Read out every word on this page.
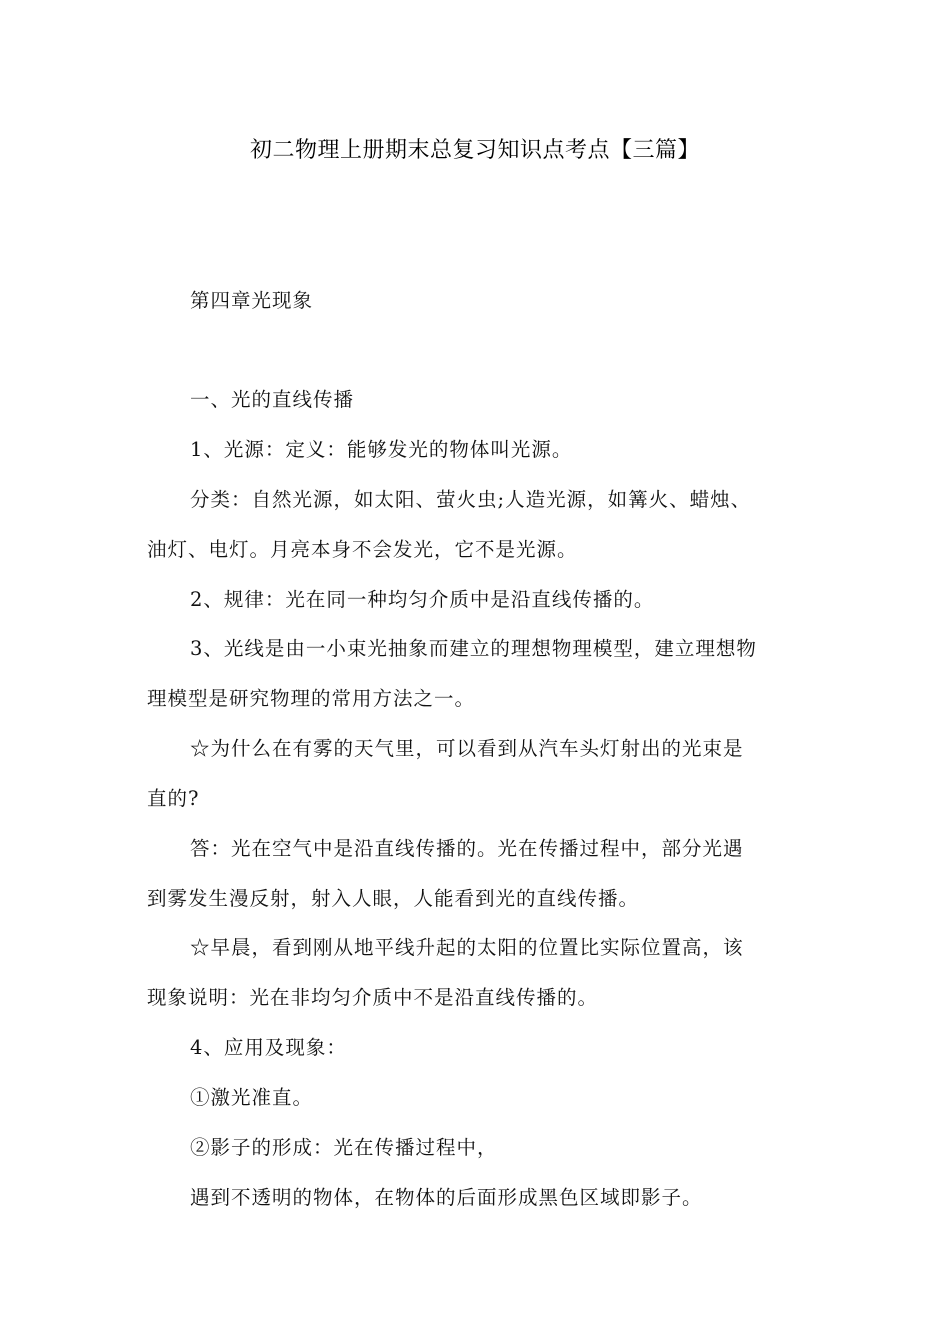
初二物理上册期末总复习知识点考点【三篇】
第四章光现象
一、光的直线传播
1、光源：定义：能够发光的物体叫光源。
分类：自然光源，如太阳、萤火虫;人造光源，如篝火、蜡烛、
油灯、电灯。月亮本身不会发光，它不是光源。
2、规律：光在同一种均匀介质中是沿直线传播的。
3、光线是由一小束光抽象而建立的理想物理模型，建立理想物
理模型是研究物理的常用方法之一。
☆为什么在有雾的天气里，可以看到从汽车头灯射出的光束是
直的?
答：光在空气中是沿直线传播的。光在传播过程中，部分光遇
到雾发生漫反射，射入人眼，人能看到光的直线传播。
☆早晨，看到刚从地平线升起的太阳的位置比实际位置高，该
现象说明：光在非均匀介质中不是沿直线传播的。
4、应用及现象：
①激光准直。
②影子的形成：光在传播过程中，
遇到不透明的物体，在物体的后面形成黑色区域即影子。
